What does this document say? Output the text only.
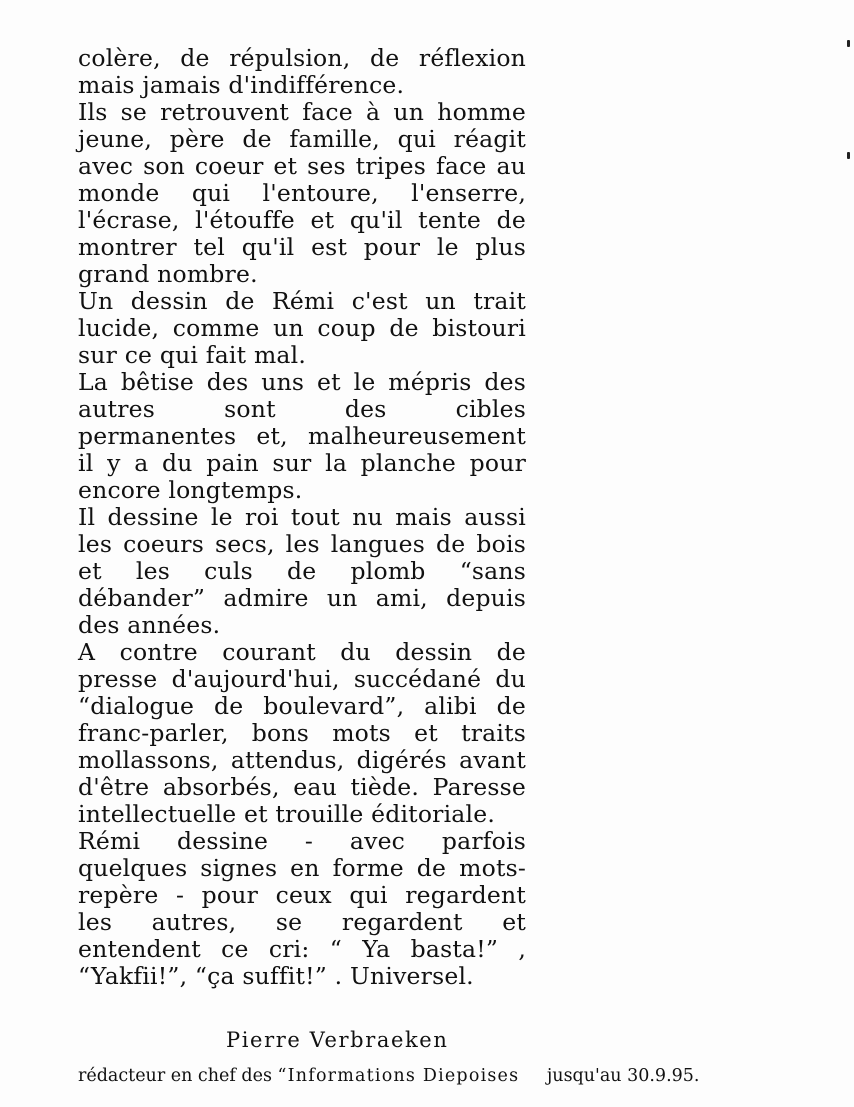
colère, de répulsion, de réflexion
mais jamais d'indifférence.
Ils se retrouvent face à un homme
jeune, père de famille, qui réagit
avec son coeur et ses tripes face au
monde qui l'entoure, l'enserre,
l'écrase, l'étouffe et qu'il tente de
montrer tel qu'il est pour le plus
grand nombre.
Un dessin de Rémi c'est un trait
lucide, comme un coup de bistouri
sur ce qui fait mal.
La bêtise des uns et le mépris des
autres sont des cibles
permanentes et, malheureusement
il y a du pain sur la planche pour
encore longtemps.
Il dessine le roi tout nu mais aussi
les coeurs secs, les langues de bois
et les culs de plomb “sans
débander” admire un ami, depuis
des années.
A contre courant du dessin de
presse d'aujourd'hui, succédané du
“dialogue de boulevard”, alibi de
franc-parler, bons mots et traits
mollassons, attendus, digérés avant
d'être absorbés, eau tiède. Paresse
intellectuelle et trouille éditoriale.
Rémi dessine - avec parfois
quelques signes en forme de mots-
repère - pour ceux qui regardent
les autres, se regardent et
entendent ce cri: “ Ya basta!” ,
“Yakfii!”, “ça suffit!” . Universel.
Pierre Verbraeken
rédacteur en chef des “Informations Diepoises jusqu'au 30.9.95.
